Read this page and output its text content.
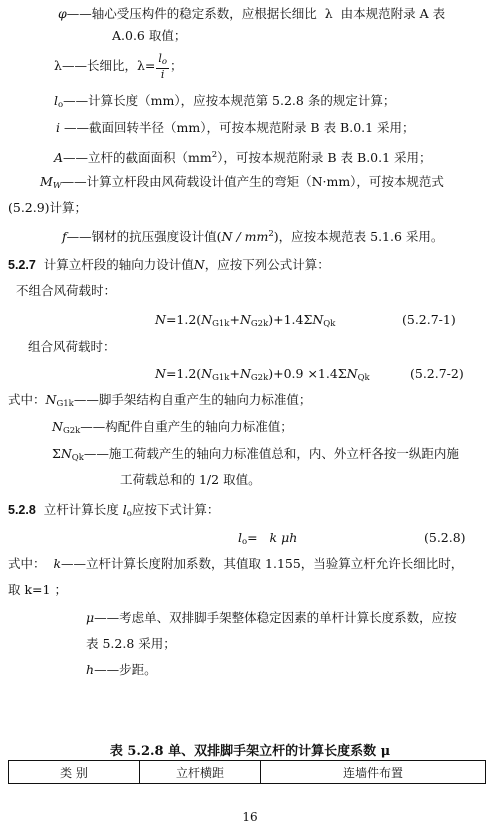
φ——轴心受压构件的稳定系数，应根据长细比 λ 由本规范附录 A 表
A.0.6 取值；
λ——长细比，$\lambda= \frac{l_o}{i}$ ；
$l_o——$计算长度（mm），应按本规范第 5.2.8 条的规定计算；
i ——截面回转半径（mm），可按本规范附录 B 表 B.0.1 采用；
A——立杆的截面面积$(mm^2)$，可按本规范附录 B 表 B.0.1 采用；
$M_W——$计算立杆段由风荷载设计值产生的弯矩（N·mm），可按本规范式
(5.2.9)计算；
f——钢材的抗压强度设计值$(N / mm^2)$，应按本规范表 5.1.6 采用。
5.2.7 计算立杆段的轴向力设计值N，应按下列公式计算：
不组合风荷载时：
$N=1.2(N_{G1k}+N_{G2k})+1.4\Sigma N_{Qk}$	(5.2.7-1)
组合风荷载时：
$N=1.2(N_{G1k}+N_{G2k})+0.9 \times 1.4\Sigma N_{Qk}$	(5.2.7-2)
式中：$N_{G1k}——$脚手架结构自重产生的轴向力标准值；
$N_{G2k}——$构配件自重产生的轴向力标准值；
$\Sigma N_{Qk}——$施工荷载产生的轴向力标准值总和，内、外立杆各按一纵距内施
工荷载总和的 1/2 取值。
5.2.8 立杆计算长度 $l_o$应按下式计算：
$l_o= k$ μh	(5.2.8)
式中： k——立杆计算长度附加系数，其值取 1.155，当验算立杆允许长细比时，
取 k=1 ；
μ——考虑单、双排脚手架整体稳定因素的单杆计算长度系数，应按
表 5.2.8 采用；
h——步距。
表 5.2.8 单、双排脚手架立杆的计算长度系数 μ
类 别	立杆横距	连墙件布置
16
